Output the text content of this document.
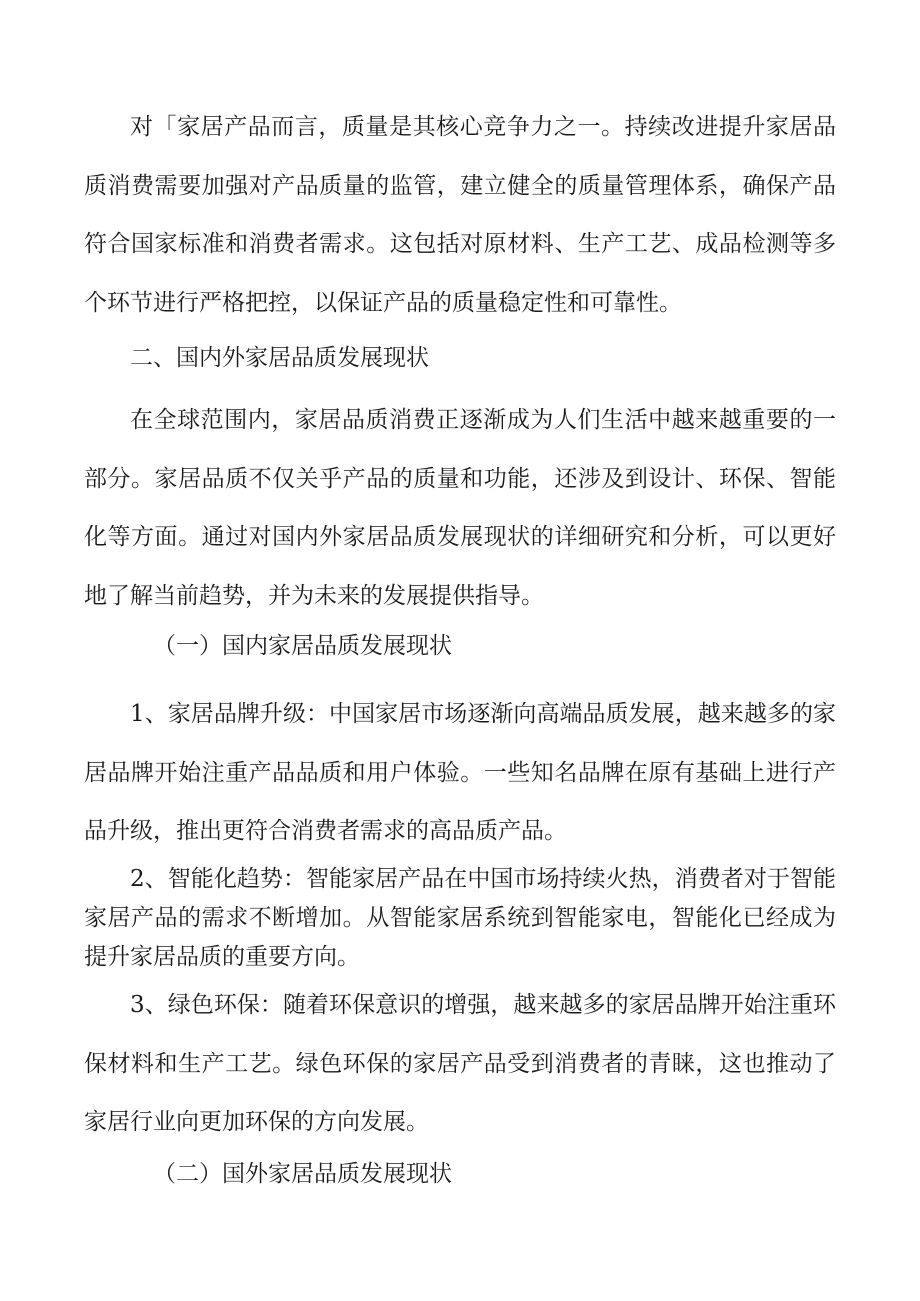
对「家居产品而言，质量是其核心竞争力之一。持续改进提升家居品质消费需要加强对产品质量的监管，建立健全的质量管理体系，确保产品符合国家标准和消费者需求。这包括对原材料、生产工艺、成品检测等多个环节进行严格把控，以保证产品的质量稳定性和可靠性。

二、国内外家居品质发展现状

在全球范围内，家居品质消费正逐渐成为人们生活中越来越重要的一部分。家居品质不仅关乎产品的质量和功能，还涉及到设计、环保、智能化等方面。通过对国内外家居品质发展现状的详细研究和分析，可以更好地了解当前趋势，并为未来的发展提供指导。

（一）国内家居品质发展现状

1、家居品牌升级：中国家居市场逐渐向高端品质发展，越来越多的家居品牌开始注重产品品质和用户体验。一些知名品牌在原有基础上进行产品升级，推出更符合消费者需求的高品质产品。

2、智能化趋势：智能家居产品在中国市场持续火热，消费者对于智能家居产品的需求不断增加。从智能家居系统到智能家电，智能化已经成为提升家居品质的重要方向。

3、绿色环保：随着环保意识的增强，越来越多的家居品牌开始注重环保材料和生产工艺。绿色环保的家居产品受到消费者的青睐，这也推动了家居行业向更加环保的方向发展。

（二）国外家居品质发展现状
